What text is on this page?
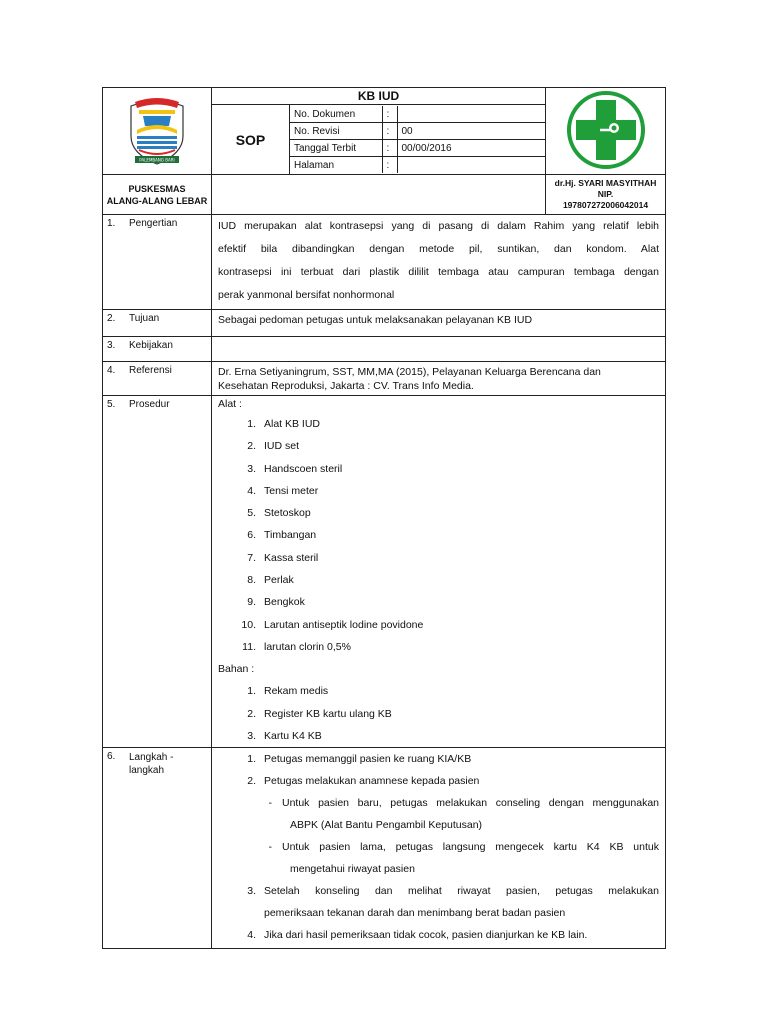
PALEMBANG BARI
	KB IUD	
SOP	
No. Dokumen	:	
No. Revisi	:	00
Tanggal Terbit	:	00/00/2016
Halaman	:	

PUSKESMAS
ALANG-ALANG LEBAR

dr.Hj. SYARI MASYITHAH
NIP.
197807272006042014

1.	Pengertian	IUD merupakan alat kontrasepsi yang di pasang di dalam Rahim yang relatif lebih
efektif bila dibandingkan dengan metode pil, suntikan, dan kondom. Alat
kontrasepsi ini terbuat dari plastik dililit tembaga atau campuran tembaga dengan
perak yanmonal bersifat nonhormonal

2.	Tujuan	Sebagai pedoman petugas untuk melaksanakan pelayanan KB IUD

3.	Kebijakan

4.	Referensi	Dr. Erna Setiyaningrum, SST, MM,MA (2015), Pelayanan Keluarga Berencana dan

Kesehatan Reproduksi, Jakarta : CV. Trans Info Media.

5.	Prosedur	Alat :
1. Alat KB IUD
2. IUD set
3. Handscoen steril
4. Tensi meter
5. Stetoskop
6. Timbangan
7. Kassa steril
8. Perlak
9. Bengkok
10. Larutan antiseptik lodine povidone
11. larutan clorin 0,5%
Bahan :
1. Rekam medis
2. Register KB kartu ulang KB
3. Kartu K4 KB

6.	Langkah -
langkah

1. Petugas memanggil pasien ke ruang KIA/KB
2. Petugas melakukan anamnese kepada pasien
- Untuk pasien baru, petugas melakukan conseling dengan menggunakan
ABPK (Alat Bantu Pengambil Keputusan)
- Untuk pasien lama, petugas langsung mengecek kartu K4 KB untuk
mengetahui riwayat pasien
3. Setelah konseling dan melihat riwayat pasien, petugas melakukan
pemeriksaan tekanan darah dan menimbang berat badan pasien
4. Jika dari hasil pemeriksaan tidak cocok, pasien dianjurkan ke KB lain.
